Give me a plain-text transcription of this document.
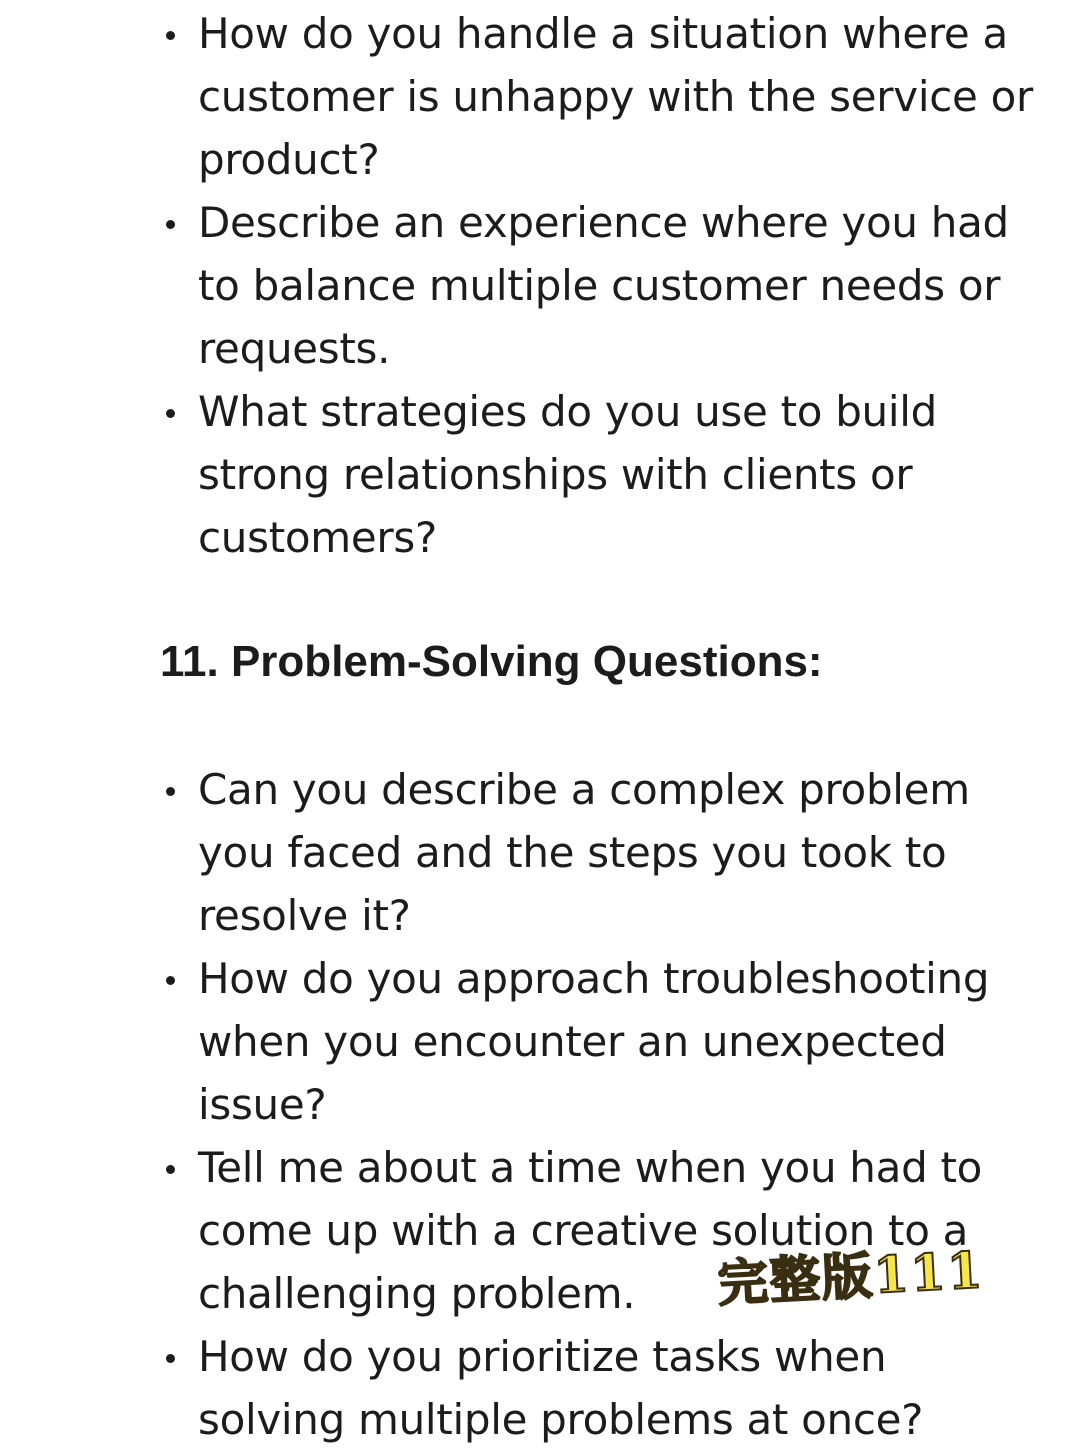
How do you handle a situation where a customer is unhappy with the service or product?
Describe an experience where you had to balance multiple customer needs or requests.
What strategies do you use to build strong relationships with clients or customers?
11. Problem-Solving Questions:
Can you describe a complex problem you faced and the steps you took to resolve it?
How do you approach troubleshooting when you encounter an unexpected issue?
Tell me about a time when you had to come up with a creative solution to a challenging problem.
How do you prioritize tasks when solving multiple problems at once?
完整版111
